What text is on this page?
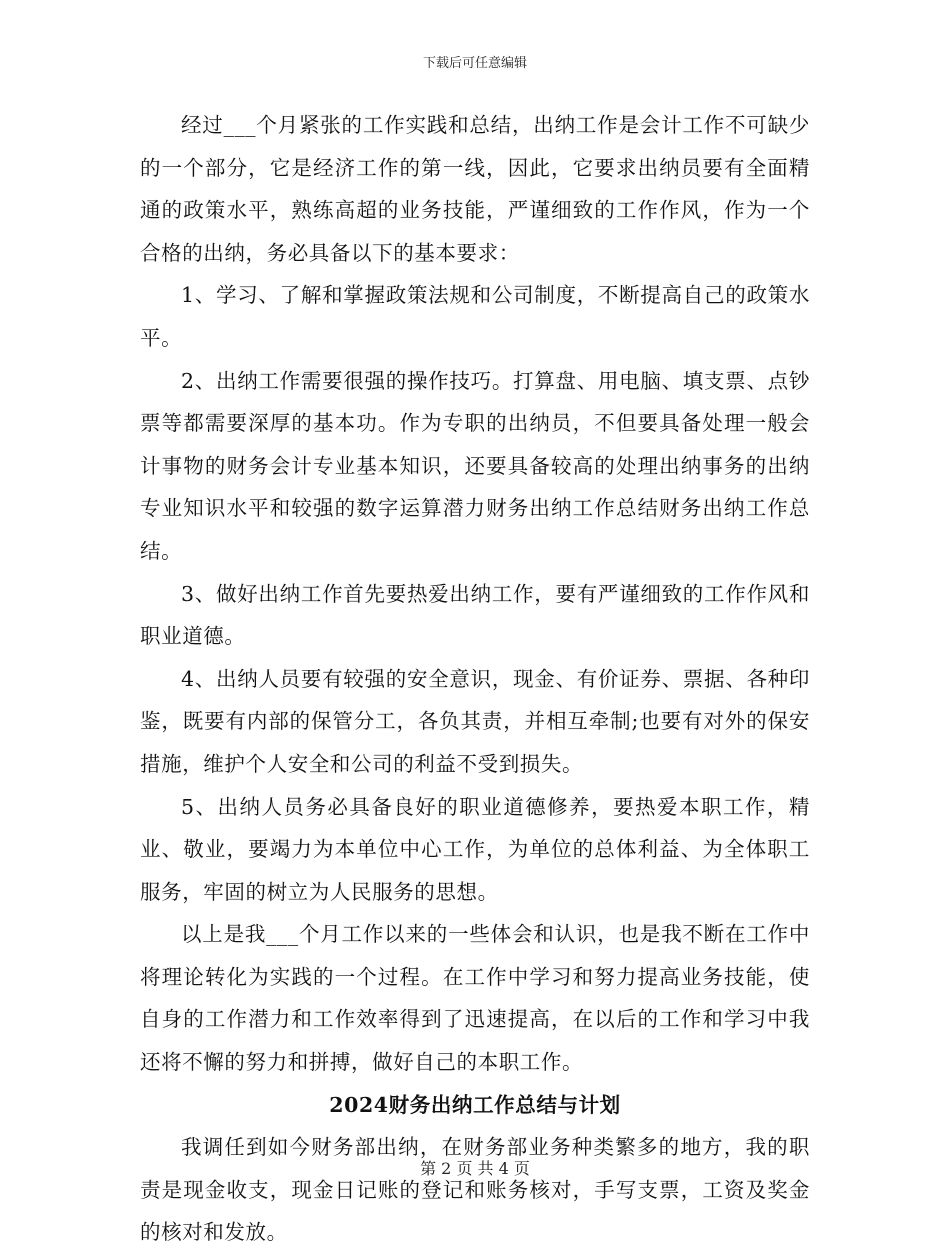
下载后可任意编辑

经过___个月紧张的工作实践和总结，出纳工作是会计工作不可缺少的一个部分，它是经济工作的第一线，因此，它要求出纳员要有全面精通的政策水平，熟练高超的业务技能，严谨细致的工作作风，作为一个合格的出纳，务必具备以下的基本要求：

1、学习、了解和掌握政策法规和公司制度，不断提高自己的政策水平。

2、出纳工作需要很强的操作技巧。打算盘、用电脑、填支票、点钞票等都需要深厚的基本功。作为专职的出纳员，不但要具备处理一般会计事物的财务会计专业基本知识，还要具备较高的处理出纳事务的出纳专业知识水平和较强的数字运算潜力财务出纳工作总结财务出纳工作总结。

3、做好出纳工作首先要热爱出纳工作，要有严谨细致的工作作风和职业道德。

4、出纳人员要有较强的安全意识，现金、有价证券、票据、各种印鉴，既要有内部的保管分工，各负其责，并相互牵制;也要有对外的保安措施，维护个人安全和公司的利益不受到损失。

5、出纳人员务必具备良好的职业道德修养，要热爱本职工作，精业、敬业，要竭力为本单位中心工作，为单位的总体利益、为全体职工服务，牢固的树立为人民服务的思想。

以上是我___个月工作以来的一些体会和认识，也是我不断在工作中将理论转化为实践的一个过程。在工作中学习和努力提高业务技能，使自身的工作潜力和工作效率得到了迅速提高，在以后的工作和学习中我还将不懈的努力和拼搏，做好自己的本职工作。

2024财务出纳工作总结与计划

我调任到如今财务部出纳，在财务部业务种类繁多的地方，我的职责是现金收支，现金日记账的登记和账务核对，手写支票，工资及奖金的核对和发放。

第 2 页 共 4 页
